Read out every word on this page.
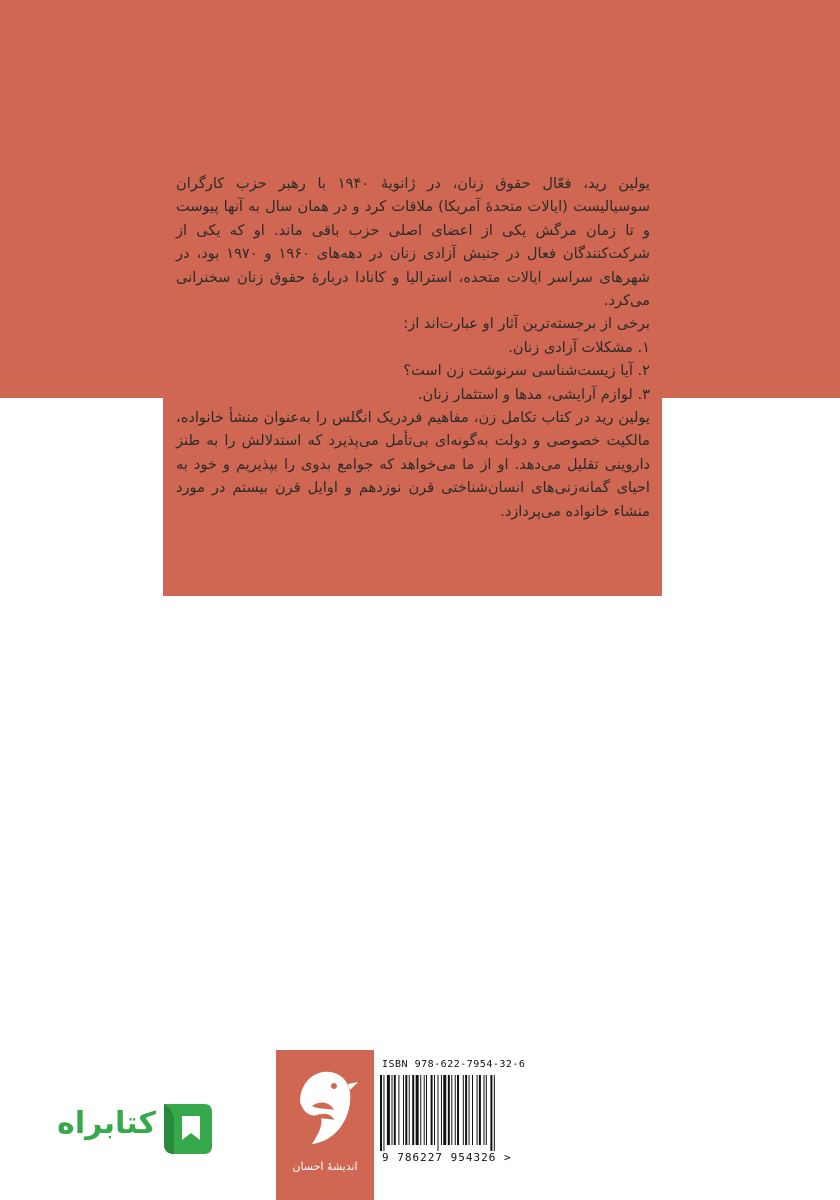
یولین رید، فعّال حقوق زنان، در ژانویهٔ ۱۹۴۰ با رهبر حزب کارگران سوسیالیست (ایالات متحدهٔ آمریکا) ملاقات کرد و در همان سال به آنها پیوست و تا زمان مرگش یکی از اعضای اصلی حزب باقی ماند. او که یکی از شرکت‌کنندگان فعال در جنبش آزادی زنان در دهه‌های ۱۹۶۰ و ۱۹۷۰ بود، در شهرهای سراسر ایالات متحده، استرالیا و کانادا دربارهٔ حقوق زنان سخنرانی می‌کرد.

برخی از برجسته‌ترین آثار او عبارت‌اند از:

۱. مشکلات آزادی زنان.

۲. آیا زیست‌شناسی سرنوشت زن است؟

۳. لوازم آرایشی، مدها و استثمار زنان.

یولین رید در کتاب تکامل زن، مفاهیم فردریک انگلس را به‌عنوان منشأ خانواده، مالکیت خصوصی و دولت به‌گونه‌ای بی‌تأمل می‌پذیرد که استدلالش را به طنز داروینی تقلیل می‌دهد. او از ما می‌خواهد که جوامع بدوی را بپذیریم و خود به احیای گمانه‌زنی‌های انسان‌شناختی قرن نوزدهم و اوایل قرن بیستم در مورد منشاء خانواده می‌پردازد.

اندیشهٔ احسان
ISBN 978-622-7954-32-6
9 786227 954326 >
کتابراه
